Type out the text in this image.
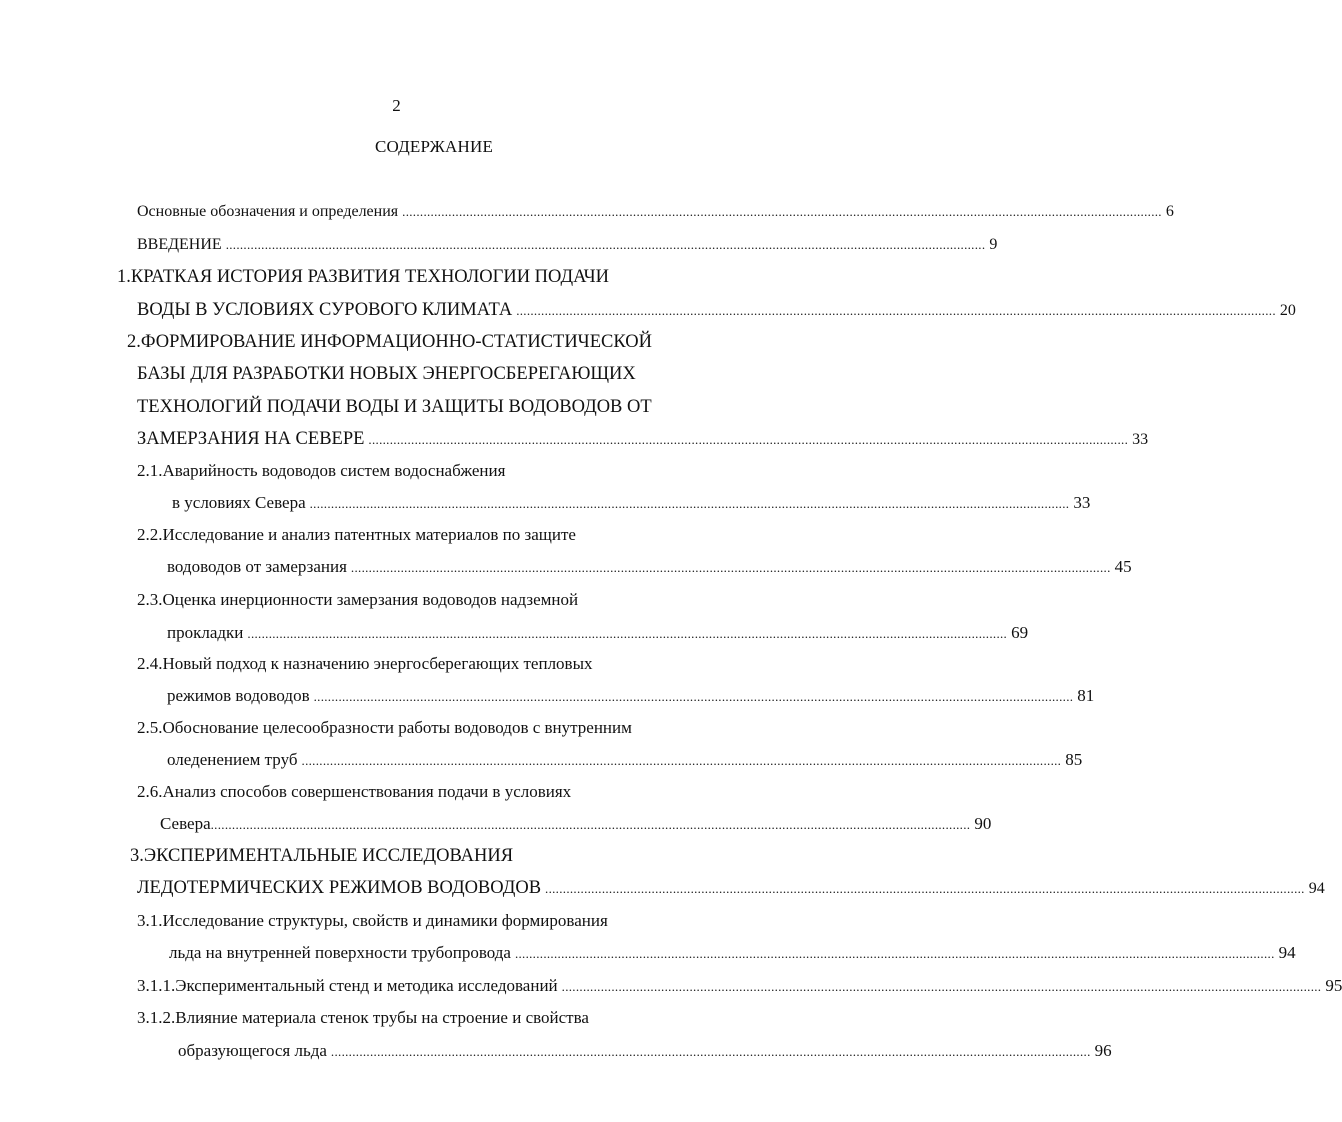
2
СОДЕРЖАНИЕ
Основные обозначения и определения ...................................................................................................................................................................................................................... 6
ВВЕДЕНИЕ ...................................................................................................................................................................................................................... 9
1.КРАТКАЯ ИСТОРИЯ РАЗВИТИЯ ТЕХНОЛОГИИ ПОДАЧИ
ВОДЫ В УСЛОВИЯХ СУРОВОГО КЛИМАТА ...................................................................................................................................................................................................................... 20
2.ФОРМИРОВАНИЕ ИНФОРМАЦИОННО-СТАТИСТИЧЕСКОЙ
БАЗЫ ДЛЯ РАЗРАБОТКИ НОВЫХ ЭНЕРГОСБЕРЕГАЮЩИХ
ТЕХНОЛОГИЙ ПОДАЧИ ВОДЫ И ЗАЩИТЫ ВОДОВОДОВ ОТ
ЗАМЕРЗАНИЯ НА СЕВЕРЕ ...................................................................................................................................................................................................................... 33
2.1.Аварийность водоводов систем водоснабжения
в условиях Севера ...................................................................................................................................................................................................................... 33
2.2.Исследование и анализ патентных материалов по защите
водоводов от замерзания ...................................................................................................................................................................................................................... 45
2.3.Оценка инерционности замерзания водоводов надземной
прокладки ...................................................................................................................................................................................................................... 69
2.4.Новый подход к назначению энергосберегающих тепловых
режимов водоводов ...................................................................................................................................................................................................................... 81
2.5.Обоснование целесообразности работы водоводов с внутренним
оледенением труб ...................................................................................................................................................................................................................... 85
2.6.Анализ способов совершенствования подачи в условиях
Севера ...................................................................................................................................................................................................................... 90
3.ЭКСПЕРИМЕНТАЛЬНЫЕ ИССЛЕДОВАНИЯ
ЛЕДОТЕРМИЧЕСКИХ РЕЖИМОВ ВОДОВОДОВ ...................................................................................................................................................................................................................... 94
3.1.Исследование структуры, свойств и динамики формирования
льда на внутренней поверхности трубопровода ...................................................................................................................................................................................................................... 94
3.1.1.Экспериментальный стенд и методика исследований ...................................................................................................................................................................................................................... 95
3.1.2.Влияние материала стенок трубы на строение и свойства
образующегося льда ...................................................................................................................................................................................................................... 96
